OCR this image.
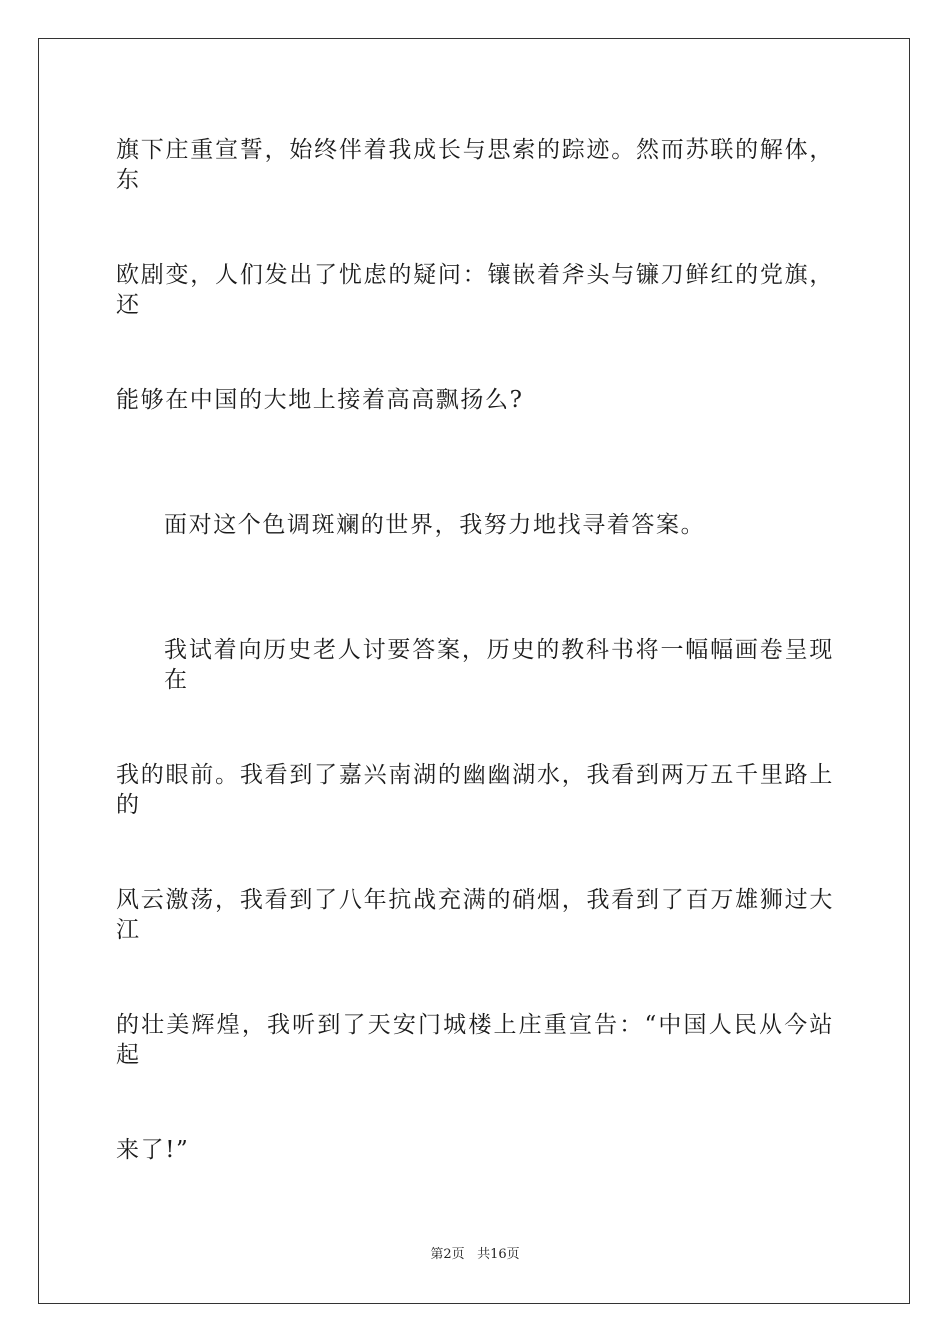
旗下庄重宣誓，始终伴着我成长与思索的踪迹。然而苏联的解体，东
欧剧变，人们发出了忧虑的疑问：镶嵌着斧头与镰刀鲜红的党旗，还
能够在中国的大地上接着高高飘扬么?
面对这个色调斑斓的世界，我努力地找寻着答案。
我试着向历史老人讨要答案，历史的教科书将一幅幅画卷呈现在
我的眼前。我看到了嘉兴南湖的幽幽湖水，我看到两万五千里路上的
风云激荡，我看到了八年抗战充满的硝烟，我看到了百万雄狮过大江
的壮美辉煌，我听到了天安门城楼上庄重宣告：“中国人民从今站起
来了!”
第2页 共16页
